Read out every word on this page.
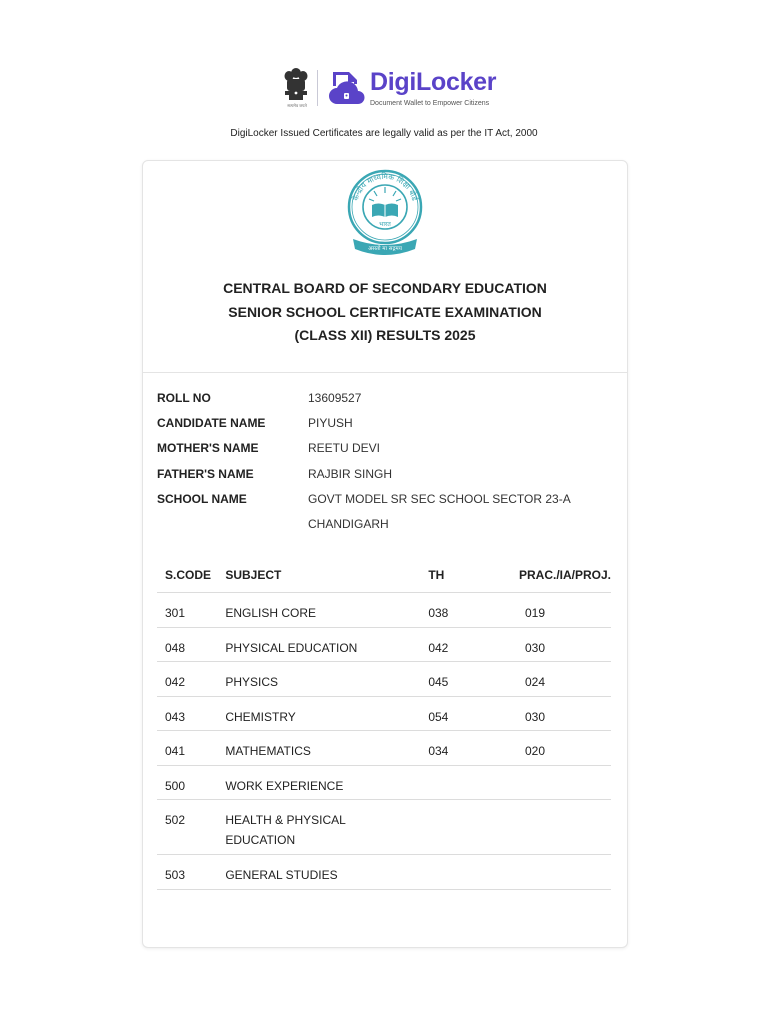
सत्यमेव जयते
DigiLocker
Document Wallet to Empower Citizens
DigiLocker Issued Certificates are legally valid as per the IT Act, 2000
केन्द्रीय माध्यमिक शिक्षा बोर्ड
भारत
असतो मा सद्गमय
CENTRAL BOARD OF SECONDARY EDUCATION
SENIOR SCHOOL CERTIFICATE EXAMINATION
(CLASS XII) RESULTS 2025
ROLL NO	13609527
CANDIDATE NAME	PIYUSH
MOTHER'S NAME	REETU DEVI
FATHER'S NAME	RAJBIR SINGH
SCHOOL NAME	GOVT MODEL SR SEC SCHOOL SECTOR 23-A CHANDIGARH
S.CODE	SUBJECT	TH	PRAC./IA/PROJ.
301	ENGLISH CORE	038	019
048	PHYSICAL EDUCATION	042	030
042	PHYSICS	045	024
043	CHEMISTRY	054	030
041	MATHEMATICS	034	020
500	WORK EXPERIENCE		
502	HEALTH & PHYSICAL EDUCATION		
503	GENERAL STUDIES		
